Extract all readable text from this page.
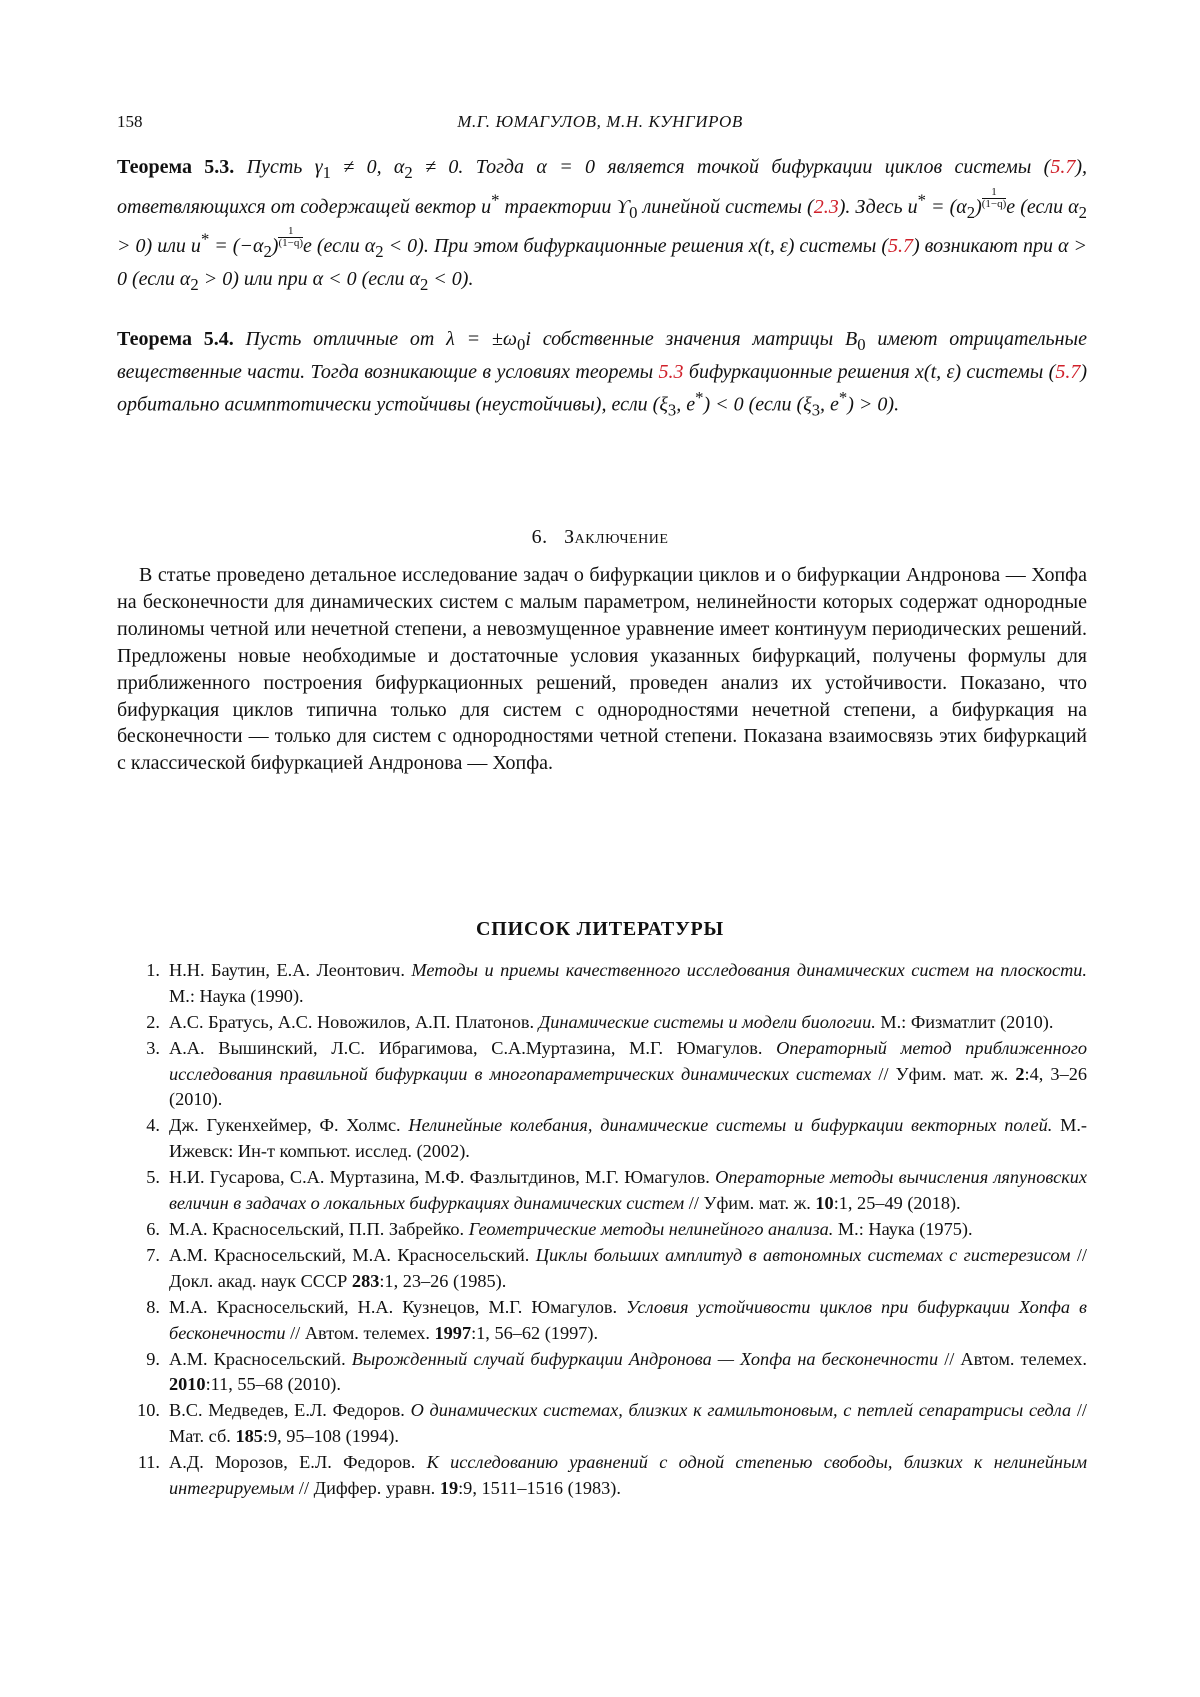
158	М.Г. ЮМАГУЛОВ, М.Н. КУНГИРОВ
Теорема 5.3. Пусть $\gamma_1 \ne 0$, $\alpha_2 \ne 0$. Тогда α = 0 является точкой бифуркации циклов системы (5.7), ответвляющихся от содержащей вектор u* траектории $ϒ_0$ линейной системы (2.3). Здесь $u^* = (\alpha_2) \frac{1}{(1-q)}$ e (если $\alpha_2 > 0$) или $u^* = (-\alpha_2) \frac{1}{(1-q)}$ e (если $\alpha_2 < 0$). При этом бифуркационные решения x(t, ε) системы (5.7) возникают при α > 0 (если $\alpha_2 > 0$) или при α < 0 (если $\alpha_2 < 0$).
Теорема 5.4. Пусть отличные от $\lambda = \pm\omega_0i$ собственные значения матрицы $B_0$ имеют отрицательные вещественные части. Тогда возникающие в условиях теоремы 5.3 бифуркационные решения x(t, ε) системы (5.7) орбитально асимптотически устойчивы (неустойчивы), если ($\xi_3$, e*) < 0 (если ($\xi_3$, e*) > 0).
6. Заключение

В статье проведено детальное исследование задач о бифуркации циклов и о бифуркации Андронова — Хопфа на бесконечности для динамических систем с малым параметром, нелинейности которых содержат однородные полиномы четной или нечетной степени, а невозмущенное уравнение имеет континуум периодических решений. Предложены новые необходимые и достаточные условия указанных бифуркаций, получены формулы для приближенного построения бифуркационных решений, проведен анализ их устойчивости. Показано, что бифуркация циклов типична только для систем с однородностями нечетной степени, а бифуркация на бесконечности — только для систем с однородностями четной степени. Показана взаимосвязь этих бифуркаций с классической бифуркацией Андронова — Хопфа.

СПИСОК ЛИТЕРАТУРЫ
1. Н.Н. Баутин, Е.А. Леонтович. Методы и приемы качественного исследования динамических систем на плоскости. М.: Наука (1990).
2. А.С. Братусь, А.С. Новожилов, А.П. Платонов. Динамические системы и модели биологии. М.: Физматлит (2010).
3. А.А. Вышинский, Л.С. Ибрагимова, С.А.Муртазина, М.Г. Юмагулов. Операторный метод приближенного исследования правильной бифуркации в многопараметрических динамических системах // Уфим. мат. ж. 2:4, 3–26 (2010).
4. Дж. Гукенхеймер, Ф. Холмс. Нелинейные колебания, динамические системы и бифуркации векторных полей. М.-Ижевск: Ин-т компьют. исслед. (2002).
5. Н.И. Гусарова, С.А. Муртазина, М.Ф. Фазлытдинов, М.Г. Юмагулов. Операторные методы вычисления ляпуновских величин в задачах о локальных бифуркациях динамических систем // Уфим. мат. ж. 10:1, 25–49 (2018).
6. М.А. Красносельский, П.П. Забрейко. Геометрические методы нелинейного анализа. М.: Наука (1975).
7. А.М. Красносельский, М.А. Красносельский. Циклы больших амплитуд в автономных системах с гистерезисом // Докл. акад. наук СССР 283:1, 23–26 (1985).
8. М.А. Красносельский, Н.А. Кузнецов, М.Г. Юмагулов. Условия устойчивости циклов при бифуркации Хопфа в бесконечности // Автом. телемех. 1997:1, 56–62 (1997).
9. А.М. Красносельский. Вырожденный случай бифуркации Андронова — Хопфа на бесконечности // Автом. телемех. 2010:11, 55–68 (2010).
10. В.С. Медведев, Е.Л. Федоров. О динамических системах, близких к гамильтоновым, с петлей сепаратрисы седла // Мат. сб. 185:9, 95–108 (1994).
11. А.Д. Морозов, Е.Л. Федоров. К исследованию уравнений с одной степенью свободы, близких к нелинейным интегрируемым // Диффер. уравн. 19:9, 1511–1516 (1983).
